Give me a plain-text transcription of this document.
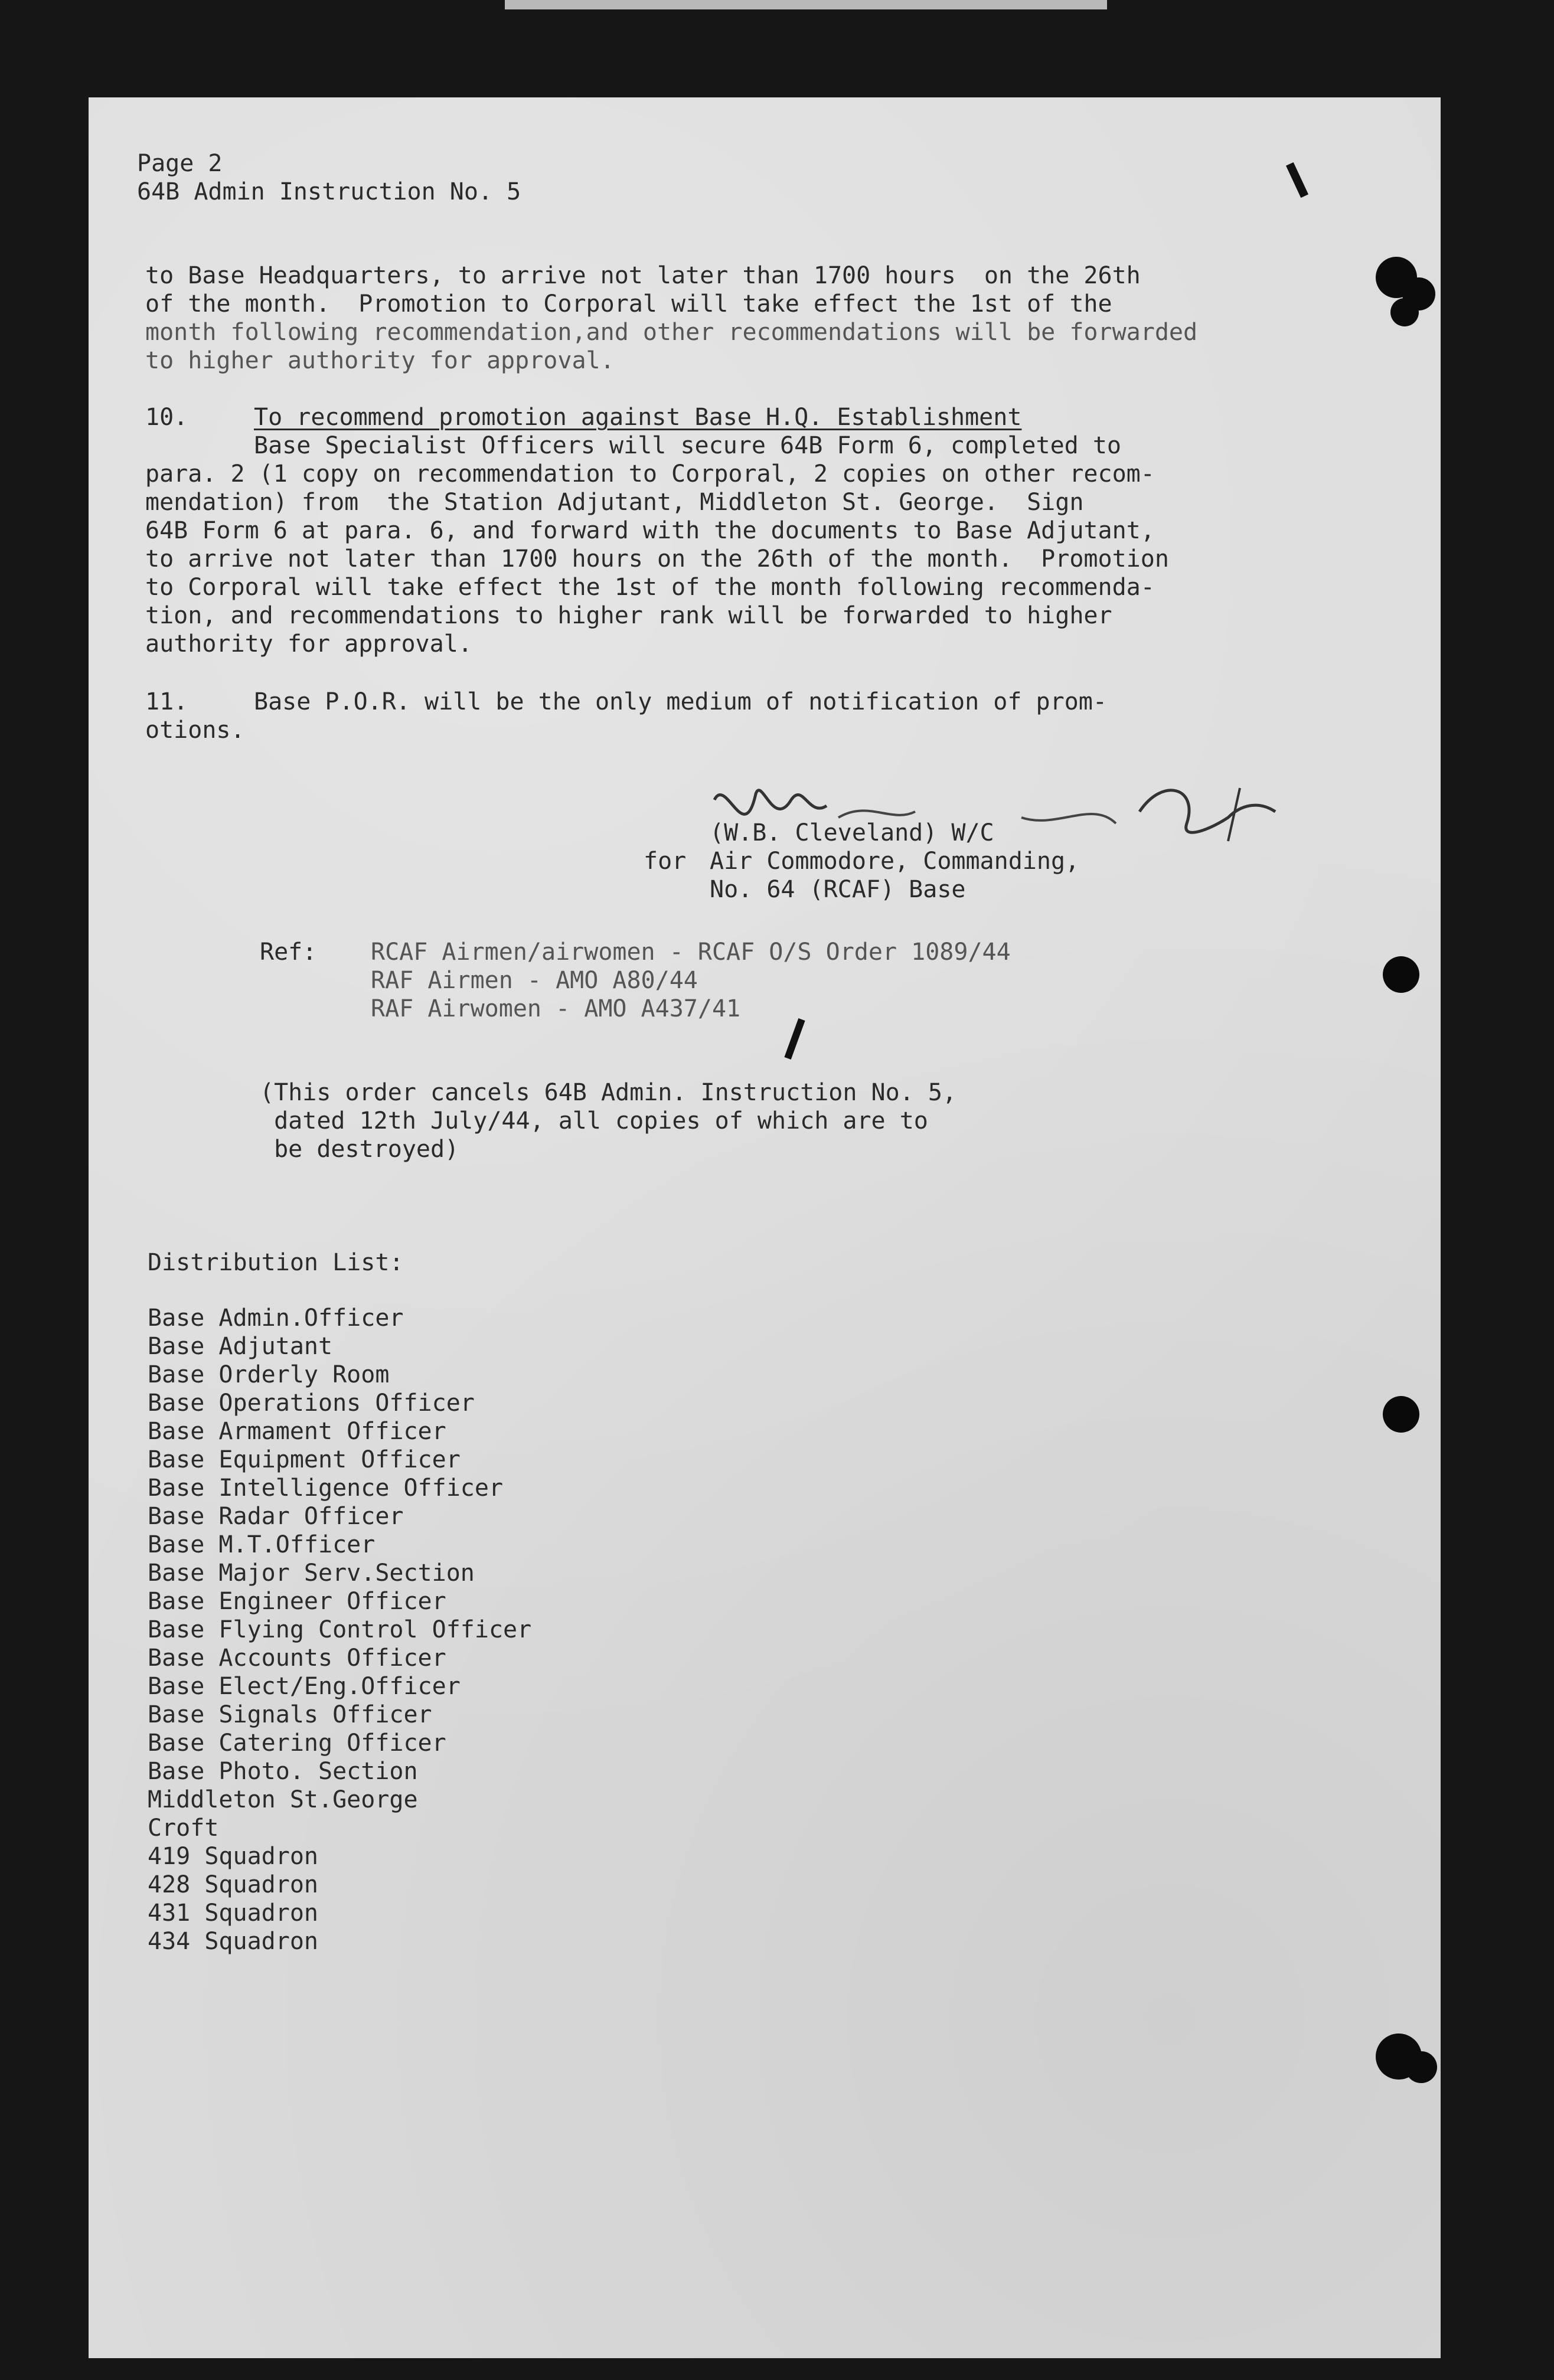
Page 2
64B Admin Instruction No. 5
to Base Headquarters, to arrive not later than 1700 hours  on the 26th
of the month.  Promotion to Corporal will take effect the 1st of the
month following recommendation,and other recommendations will be forwarded
to higher authority for approval.
10.	To recommend promotion against Base H.Q. Establishment
Base Specialist Officers will secure 64B Form 6, completed to
para. 2 (1 copy on recommendation to Corporal, 2 copies on other recom-
mendation) from  the Station Adjutant, Middleton St. George.  Sign
64B Form 6 at para. 6, and forward with the documents to Base Adjutant,
to arrive not later than 1700 hours on the 26th of the month.  Promotion
to Corporal will take effect the 1st of the month following recommenda-
tion, and recommendations to higher rank will be forwarded to higher
authority for approval.
11.	Base P.O.R. will be the only medium of notification of prom-
otions.
(W.B. Cleveland) W/C
for Air Commodore, Commanding,
No. 64 (RCAF) Base
Ref: RCAF Airmen/airwomen - RCAF O/S Order 1089/44
RAF Airmen - AMO A80/44
RAF Airwomen - AMO A437/41
(This order cancels 64B Admin. Instruction No. 5,
dated 12th July/44, all copies of which are to
be destroyed)
Distribution List:
Base Admin.Officer
Base Adjutant
Base Orderly Room
Base Operations Officer
Base Armament Officer
Base Equipment Officer
Base Intelligence Officer
Base Radar Officer
Base M.T.Officer
Base Major Serv.Section
Base Engineer Officer
Base Flying Control Officer
Base Accounts Officer
Base Elect/Eng.Officer
Base Signals Officer
Base Catering Officer
Base Photo. Section
Middleton St.George
Croft
419 Squadron
428 Squadron
431 Squadron
434 Squadron
